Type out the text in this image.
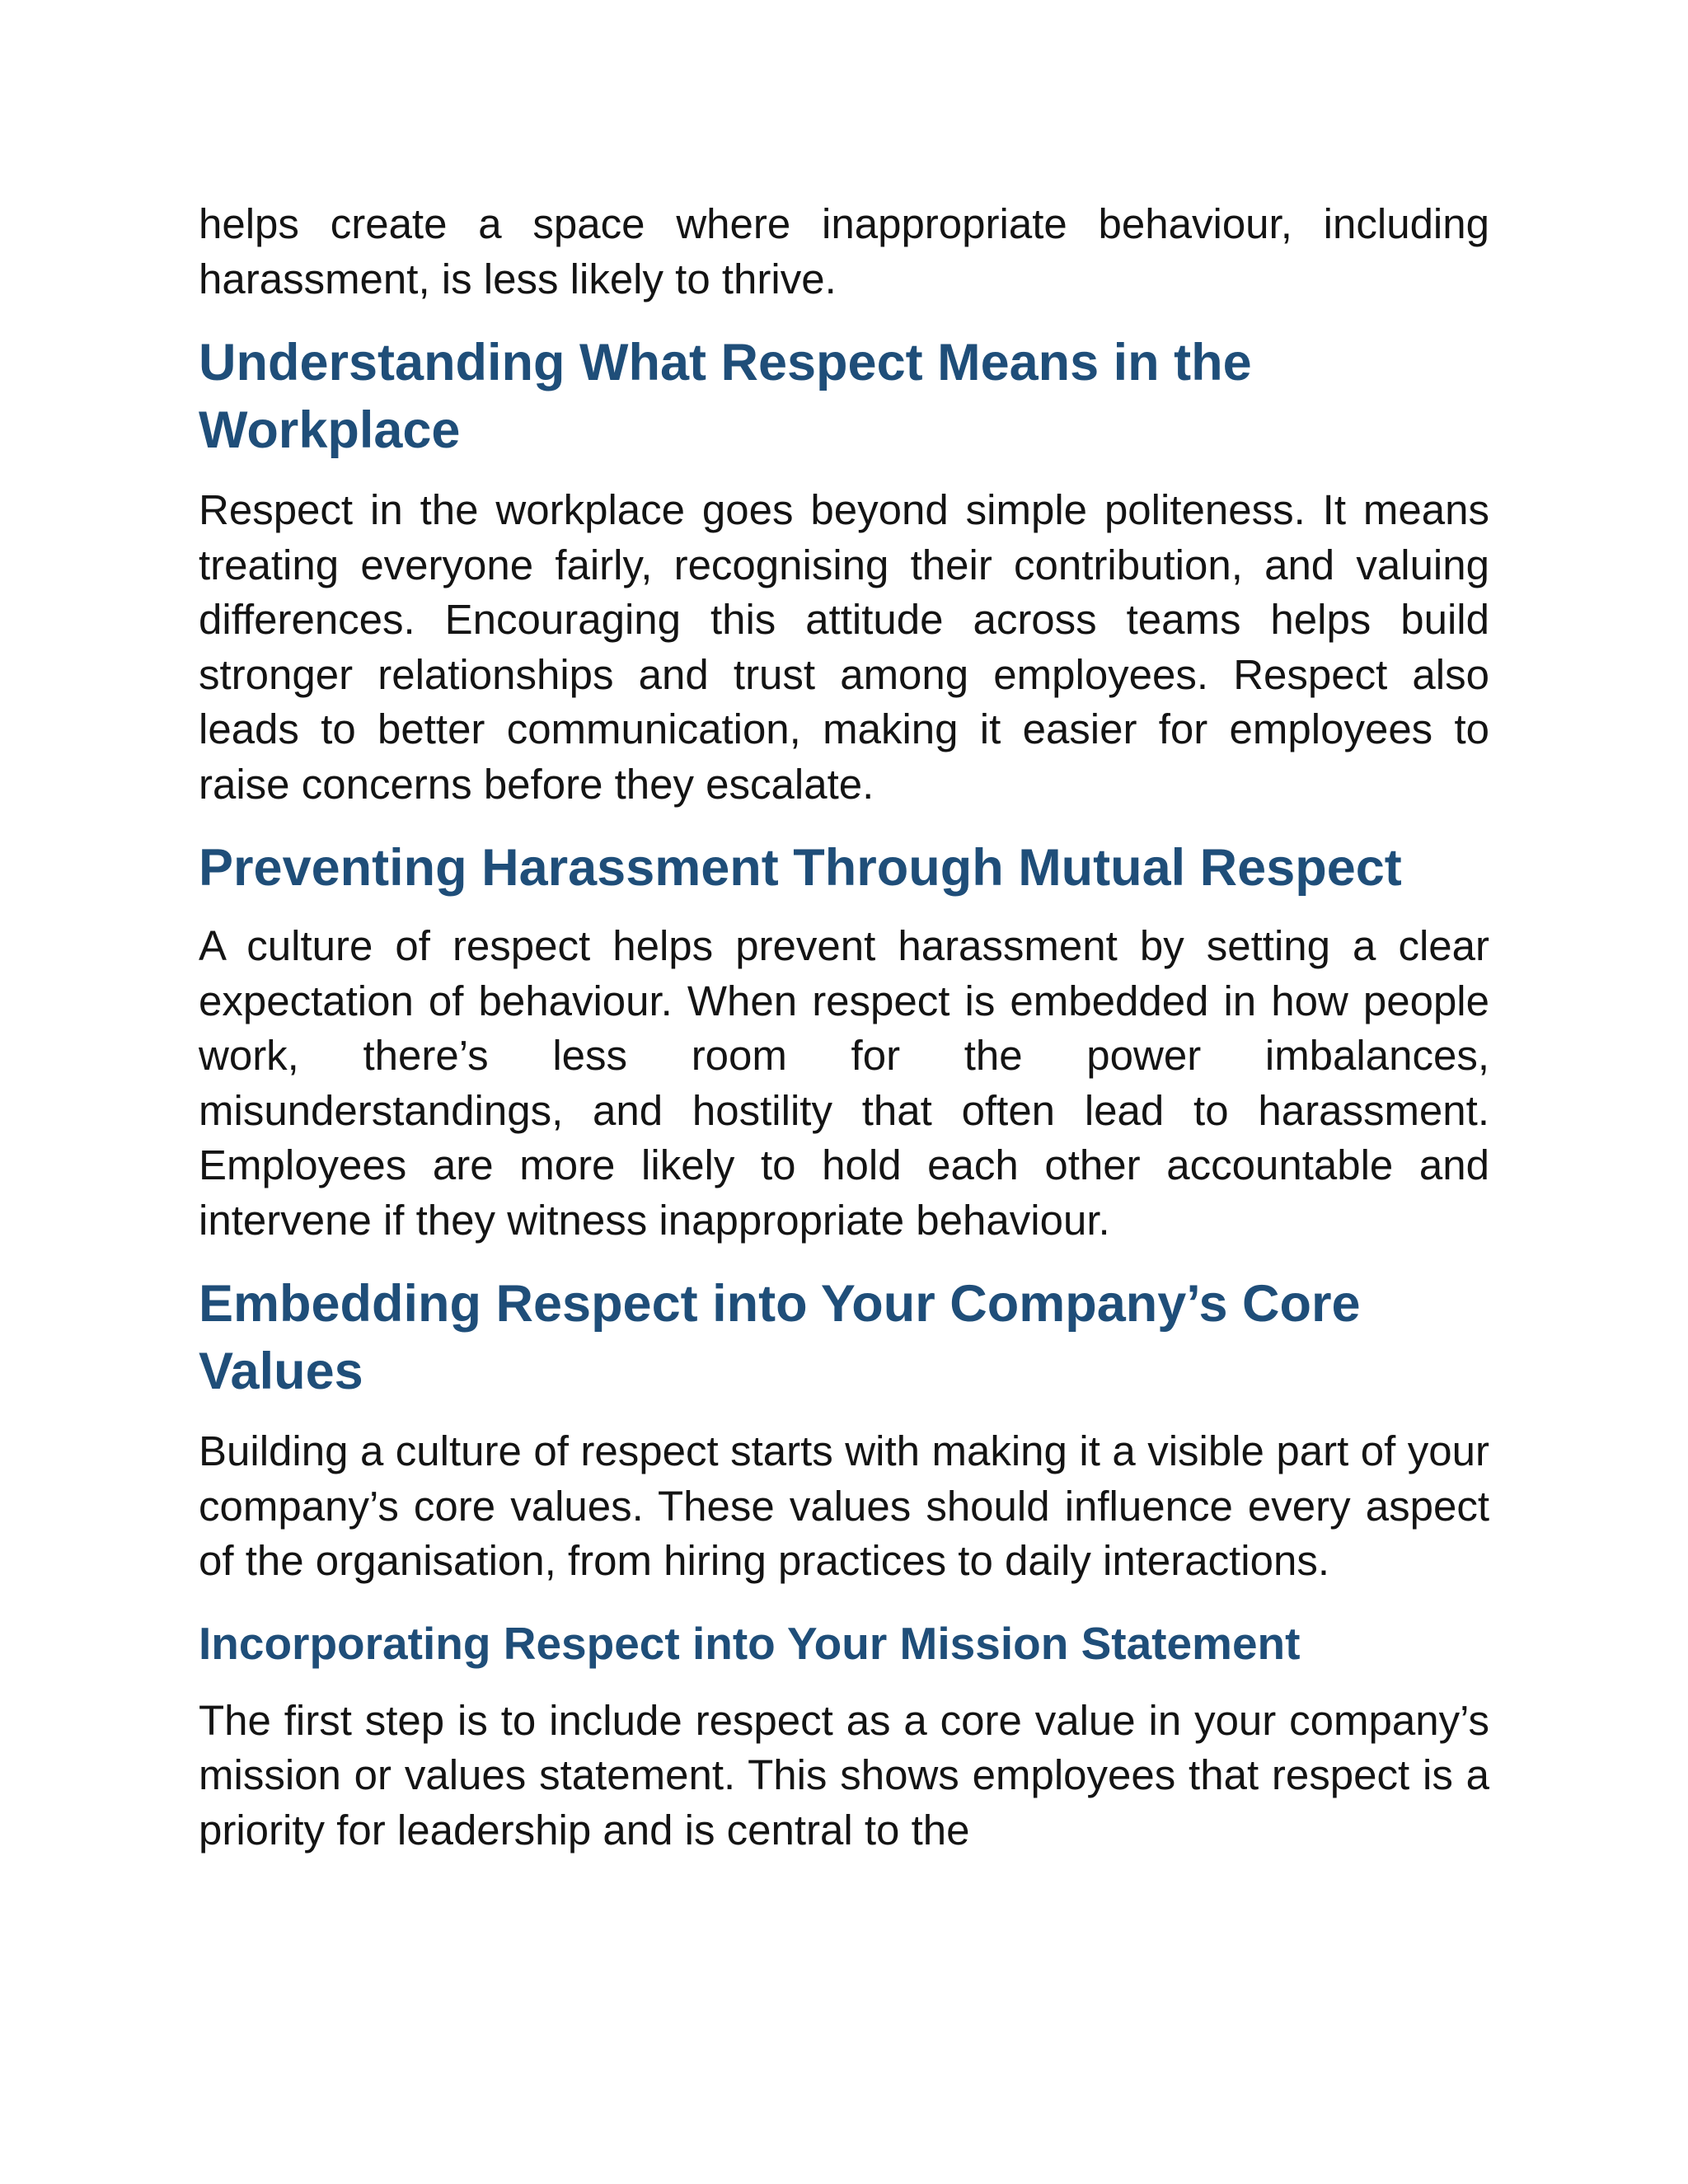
helps create a space where inappropriate behaviour, including harassment, is less likely to thrive.

Understanding What Respect Means in the Workplace

Respect in the workplace goes beyond simple politeness. It means treating everyone fairly, recognising their contribution, and valuing differences. Encouraging this attitude across teams helps build stronger relationships and trust among employees. Respect also leads to better communication, making it easier for employees to raise concerns before they escalate.

Preventing Harassment Through Mutual Respect

A culture of respect helps prevent harassment by setting a clear expectation of behaviour. When respect is embedded in how people work, there’s less room for the power imbalances, misunderstandings, and hostility that often lead to harassment. Employees are more likely to hold each other accountable and intervene if they witness inappropriate behaviour.

Embedding Respect into Your Company’s Core Values

Building a culture of respect starts with making it a visible part of your company’s core values. These values should influence every aspect of the organisation, from hiring practices to daily interactions.

Incorporating Respect into Your Mission Statement

The first step is to include respect as a core value in your company’s mission or values statement. This shows employees that respect is a priority for leadership and is central to the
